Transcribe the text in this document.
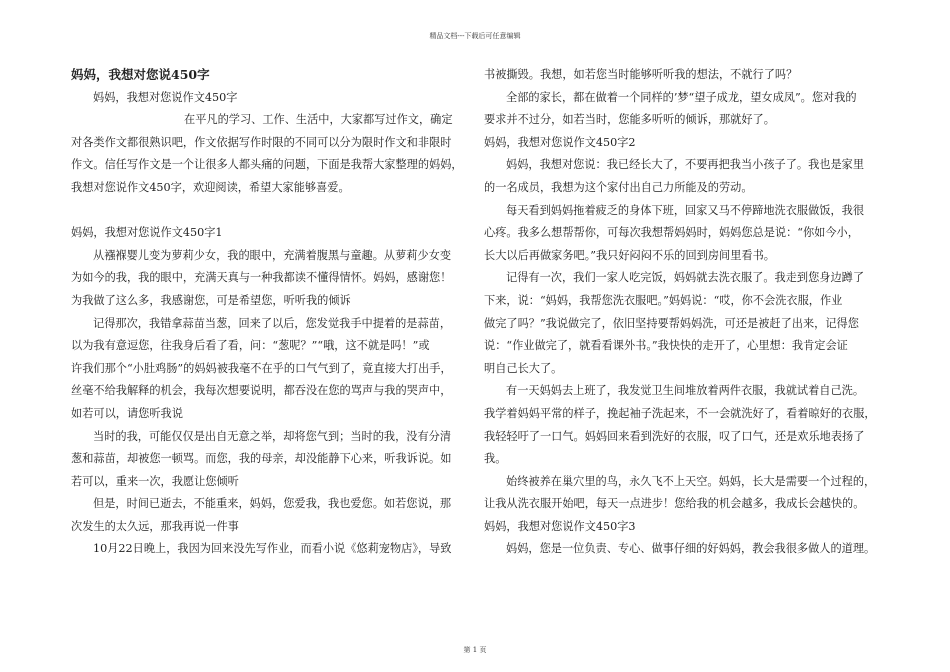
精品文档---下载后可任意编辑
妈妈，我想对您说450字
妈妈，我想对您说作文450字
在平凡的学习、工作、生活中，大家都写过作文，确定
对各类作文都很熟识吧，作文依据写作时限的不同可以分为限时作文和非限时
作文。信任写作文是一个让很多人都头痛的问题，下面是我帮大家整理的妈妈，
我想对您说作文450字，欢迎阅读，希望大家能够喜爱。
妈妈，我想对您说作文450字1
从襁褓婴儿变为萝莉少女，我的眼中，充满着腹黑与童趣。从萝莉少女变
为如今的我，我的眼中，充满天真与一种我都读不懂得情怀。妈妈，感谢您！
为我做了这么多，我感谢您，可是希望您，听听我的倾诉
记得那次，我错拿蒜苗当葱，回来了以后，您发觉我手中提着的是蒜苗，
以为我有意逗您，往我身后看了看，问：“葱呢？”“哦，这不就是吗！”或
许我们那个“小肚鸡肠”的妈妈被我毫不在乎的口气气到了，竟直接大打出手，
丝毫不给我解释的机会，我每次想要说明，都吞没在您的骂声与我的哭声中，
如若可以，请您听我说
当时的我，可能仅仅是出自无意之举，却将您气到；当时的我，没有分清
葱和蒜苗，却被您一顿骂。而您，我的母亲，却没能静下心来，听我诉说。如
若可以，重来一次，我愿让您倾听
但是，时间已逝去，不能重来，妈妈，您爱我，我也爱您。如若您说，那
次发生的太久远，那我再说一件事
10月22日晚上，我因为回来没先写作业，而看小说《悠莉宠物店》，导致
书被撕毁。我想，如若您当时能够听听我的想法，不就行了吗？
全部的家长，都在做着一个同样的’梦“望子成龙，望女成凤”。您对我的
要求并不过分，如若当时，您能多听听的倾诉，那就好了。
妈妈，我想对您说作文450字2
妈妈，我想对您说：我已经长大了，不要再把我当小孩子了。我也是家里
的一名成员，我想为这个家付出自己力所能及的劳动。
每天看到妈妈拖着疲乏的身体下班，回家又马不停蹄地洗衣服做饭，我很
心疼。我多么想帮帮你，可每次我想帮妈妈时，妈妈您总是说：“你如今小，
长大以后再做家务吧。”我只好闷闷不乐的回到房间里看书。
记得有一次，我们一家人吃完饭，妈妈就去洗衣服了。我走到您身边蹲了
下来，说：“妈妈，我帮您洗衣服吧。”妈妈说：“哎，你不会洗衣服，作业
做完了吗？”我说做完了，依旧坚持要帮妈妈洗，可还是被赶了出来，记得您
说：“作业做完了，就看看课外书。”我快快的走开了，心里想：我肯定会证
明自己长大了。
有一天妈妈去上班了，我发觉卫生间堆放着两件衣服，我就试着自己洗。
我学着妈妈平常的样子，挽起袖子洗起来，不一会就洗好了，看着晾好的衣服，
我轻轻吁了一口气。妈妈回来看到洗好的衣服，叹了口气，还是欢乐地表扬了
我。
始终被养在巢穴里的鸟，永久飞不上天空。妈妈，长大是需要一个过程的，
让我从洗衣服开始吧，每天一点进步！您给我的机会越多，我成长会越快的。
妈妈，我想对您说作文450字3
妈妈，您是一位负责、专心、做事仔细的好妈妈，教会我很多做人的道理。
第 1 页
